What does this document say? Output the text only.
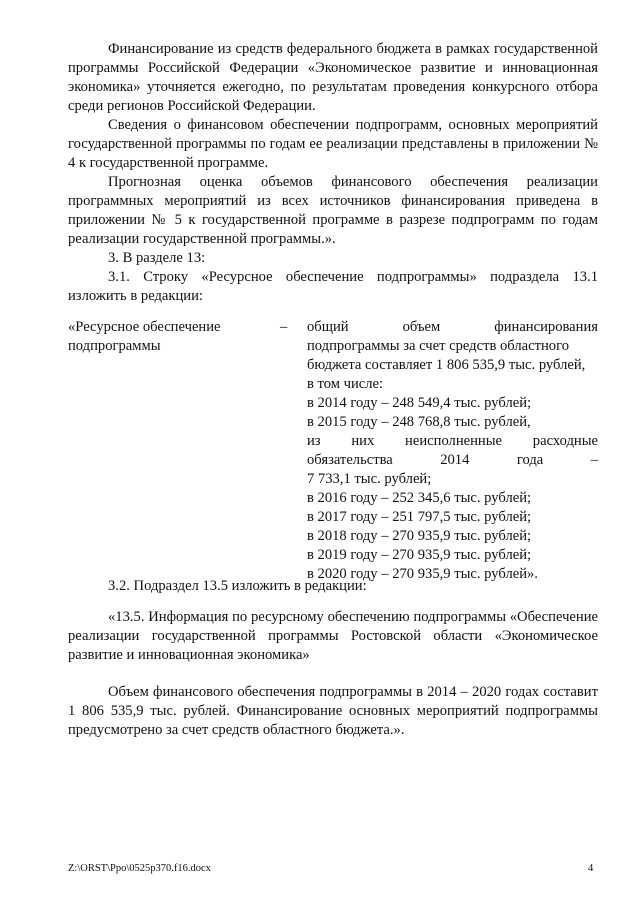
Финансирование из средств федерального бюджета в рамках государственной программы Российской Федерации «Экономическое развитие и инновационная экономика» уточняется ежегодно, по результатам проведения конкурсного отбора среди регионов Российской Федерации.

Сведения о финансовом обеспечении подпрограмм, основных мероприятий государственной программы по годам ее реализации представлены в приложении № 4 к государственной программе.

Прогнозная оценка объемов финансового обеспечения реализации программных мероприятий из всех источников финансирования приведена в приложении № 5 к государственной программе в разрезе подпрограмм по годам реализации государственной программы.».

3. В разделе 13:

3.1. Строку «Ресурсное обеспечение подпрограммы» подраздела 13.1 изложить в редакции:

«Ресурсное обеспечение подпрограммы
– общий объем финансирования
подпрограммы за счет средств областного
бюджета составляет 1 806 535,9 тыс. рублей,
в том числе:
в 2014 году – 248 549,4 тыс. рублей;
в 2015 году – 248 768,8 тыс. рублей,
из них неисполненные расходные
обязательства 2014 года –
7 733,1 тыс. рублей;
в 2016 году – 252 345,6 тыс. рублей;
в 2017 году – 251 797,5 тыс. рублей;
в 2018 году – 270 935,9 тыс. рублей;
в 2019 году – 270 935,9 тыс. рублей;
в 2020 году – 270 935,9 тыс. рублей».

3.2. Подраздел 13.5 изложить в редакции:

«13.5. Информация по ресурсному обеспечению подпрограммы «Обеспечение реализации государственной программы Ростовской области «Экономическое развитие и инновационная экономика»

Объем финансового обеспечения подпрограммы в 2014 – 2020 годах составит 1 806 535,9 тыс. рублей. Финансирование основных мероприятий подпрограммы предусмотрено за счет средств областного бюджета.».

Z:\ORST\Ppo\0525p370.f16.docx	4
